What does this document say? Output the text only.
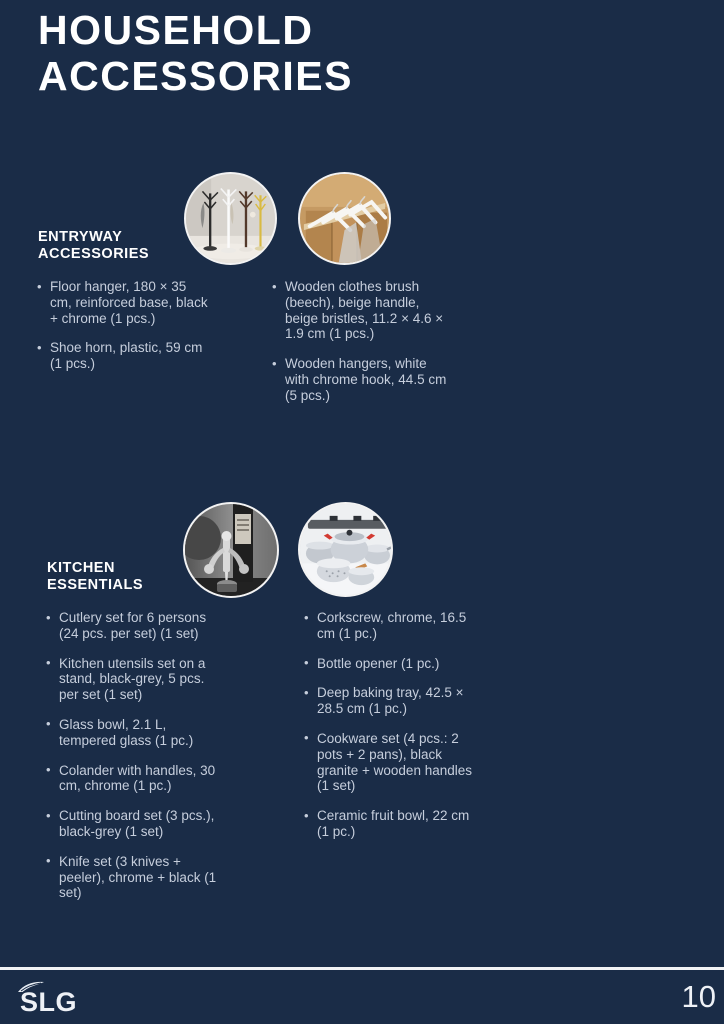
HOUSEHOLD
ACCESSORIES
ENTRYWAY
ACCESSORIES
• Floor hanger, 180 × 35 cm, reinforced base, black + chrome (1 pcs.)
• Shoe horn, plastic, 59 cm (1 pcs.)
• Wooden clothes brush (beech), beige handle, beige bristles, 11.2 × 4.6 × 1.9 cm (1 pcs.)
• Wooden hangers, white with chrome hook, 44.5 cm (5 pcs.)
KITCHEN
ESSENTIALS
• Cutlery set for 6 persons (24 pcs. per set) (1 set)
• Kitchen utensils set on a stand, black-grey, 5 pcs. per set (1 set)
• Glass bowl, 2.1 L, tempered glass (1 pc.)
• Colander with handles, 30 cm, chrome (1 pc.)
• Cutting board set (3 pcs.), black-grey (1 set)
• Knife set (3 knives + peeler), chrome + black (1 set)
• Corkscrew, chrome, 16.5 cm (1 pc.)
• Bottle opener (1 pc.)
• Deep baking tray, 42.5 × 28.5 cm (1 pc.)
• Cookware set (4 pcs.: 2 pots + 2 pans), black granite + wooden handles (1 set)
• Ceramic fruit bowl, 22 cm (1 pc.)
SLG	10
